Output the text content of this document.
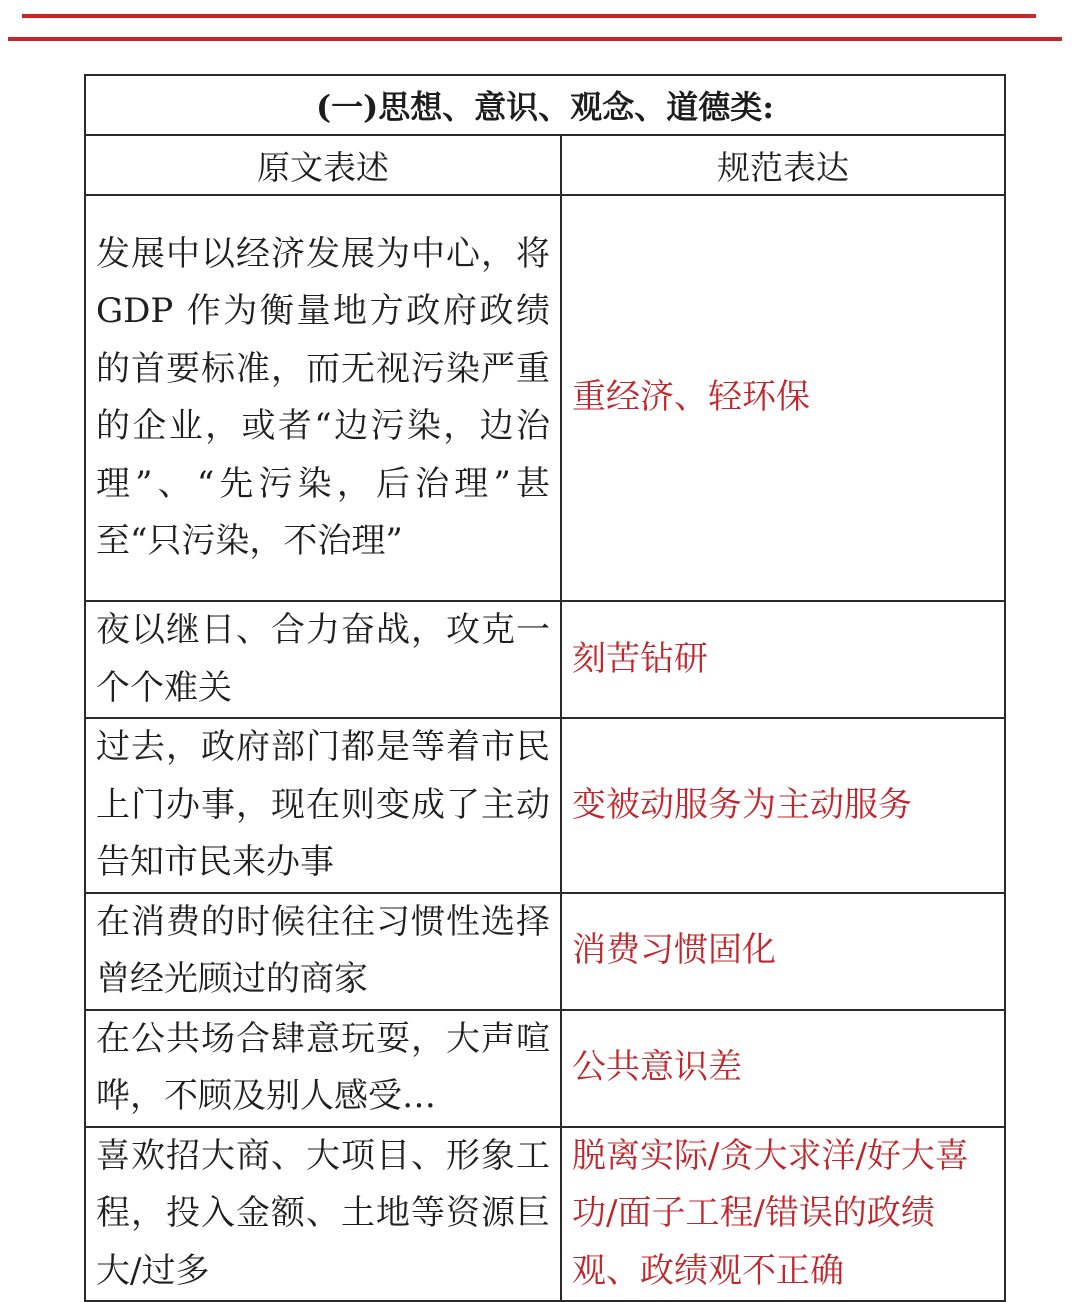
(一)思想、意识、观念、道德类:	
原文表述	规范表达
发展中以经济发展为中心，将 GDP 作为衡量地方政府政绩的首要标准，而无视污染严重的企业，或者“边污染，边治理”、“先污染，后治理”甚至“只污染，不治理”	重经济、轻环保
夜以继日、合力奋战，攻克一个个难关	刻苦钻研
过去，政府部门都是等着市民上门办事，现在则变成了主动告知市民来办事	变被动服务为主动服务
在消费的时候往往习惯性选择曾经光顾过的商家	消费习惯固化
在公共场合肆意玩耍，大声喧哗，不顾及别人感受…	公共意识差
喜欢招大商、大项目、形象工程，投入金额、土地等资源巨大/过多	脱离实际/贪大求洋/好大喜功/面子工程/错误的政绩观、政绩观不正确
